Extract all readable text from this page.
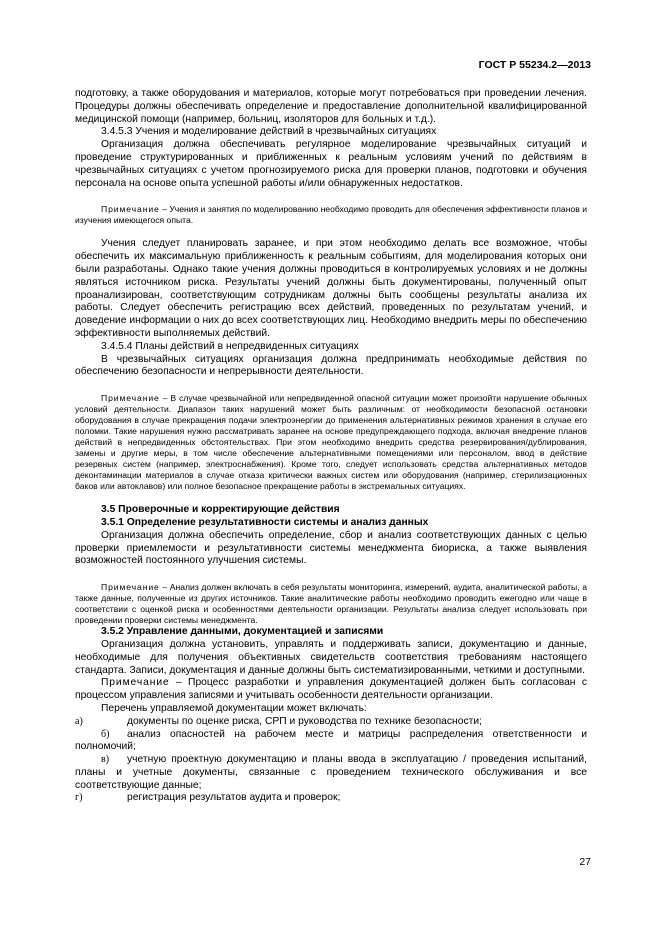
ГОСТ Р 55234.2—2013

подготовку, а также оборудования и материалов, которые могут потребоваться при проведении лечения. Процедуры должны обеспечивать определение и предоставление дополнительной квалифицированной медицинской помощи (например, больниц, изоляторов для больных и т.д.).

3.4.5.3 Учения и моделирование действий в чрезвычайных ситуациях

Организация должна обеспечивать регулярное моделирование чрезвычайных ситуаций и проведение структурированных и приближенных к реальным условиям учений по действиям в чрезвычайных ситуациях с учетом прогнозируемого риска для проверки планов, подготовки и обучения персонала на основе опыта успешной работы и/или обнаруженных недостатков.

Примечание – Учения и занятия по моделированию необходимо проводить для обеспечения эффективности планов и изучения имеющегося опыта.

Учения следует планировать заранее, и при этом необходимо делать все возможное, чтобы обеспечить их максимальную приближенность к реальным событиям, для моделирования которых они были разработаны. Однако такие учения должны проводиться в контролируемых условиях и не должны являться источником риска. Результаты учений должны быть документированы, полученный опыт проанализирован, соответствующим сотрудникам должны быть сообщены результаты анализа их работы. Следует обеспечить регистрацию всех действий, проведенных по результатам учений, и доведение информации о них до всех соответствующих лиц. Необходимо внедрить меры по обеспечению эффективности выполняемых действий.

3.4.5.4 Планы действий в непредвиденных ситуациях

В чрезвычайных ситуациях организация должна предпринимать необходимые действия по обеспечению безопасности и непрерывности деятельности.

Примечание – В случае чрезвычайной или непредвиденной опасной ситуации может произойти нарушение обычных условий деятельности. Диапазон таких нарушений может быть различным: от необходимости безопасной остановки оборудования в случае прекращения подачи электроэнергии до применения альтернативных режимов хранения в случае его поломки. Такие нарушения нужно рассматривать заранее на основе предупреждающего подхода, включая внедрение планов действий в непредвиденных обстоятельствах. При этом необходимо внедрить средства резервирования/дублирования, замены и другие меры, в том числе обеспечение альтернативными помещениями или персоналом, ввод в действие резервных систем (например, электроснабжения). Кроме того, следует использовать средства альтернативных методов деконтаминации материалов в случае отказа критически важных систем или оборудования (например, стерилизационных баков или автоклавов) или полное безопасное прекращение работы в экстремальных ситуациях.

3.5 Проверочные и корректирующие действия

3.5.1 Определение результативности системы и анализ данных

Организация должна обеспечить определение, сбор и анализ соответствующих данных с целью проверки приемлемости и результативности системы менеджмента биориска, а также выявления возможностей постоянного улучшения системы.

Примечание – Анализ должен включать в себя результаты мониторинга, измерений, аудита, аналитической работы, а также данные, полученные из других источников. Такие аналитические работы необходимо проводить ежегодно или чаще в соответствии с оценкой риска и особенностями деятельности организации. Результаты анализа следует использовать при проведении проверки системы менеджмента.

3.5.2 Управление данными, документацией и записями

Организация должна установить, управлять и поддерживать записи, документацию и данные, необходимые для получения объективных свидетельств соответствия требованиям настоящего стандарта. Записи, документация и данные должны быть систематизированными, четкими и доступными.

Примечание – Процесс разработки и управления документацией должен быть согласован с процессом управления записями и учитывать особенности деятельности организации.

Перечень управляемой документации может включать:

а)	документы по оценке риска, СРП и руководства по технике безопасности;

б) анализ опасностей на рабочем месте и матрицы распределения ответственности и полномочий;

в) учетную проектную документацию и планы ввода в эксплуатацию / проведения испытаний, планы и учетные документы, связанные с проведением технического обслуживания и все соответствующие данные;

г)	регистрация результатов аудита и проверок;
27
